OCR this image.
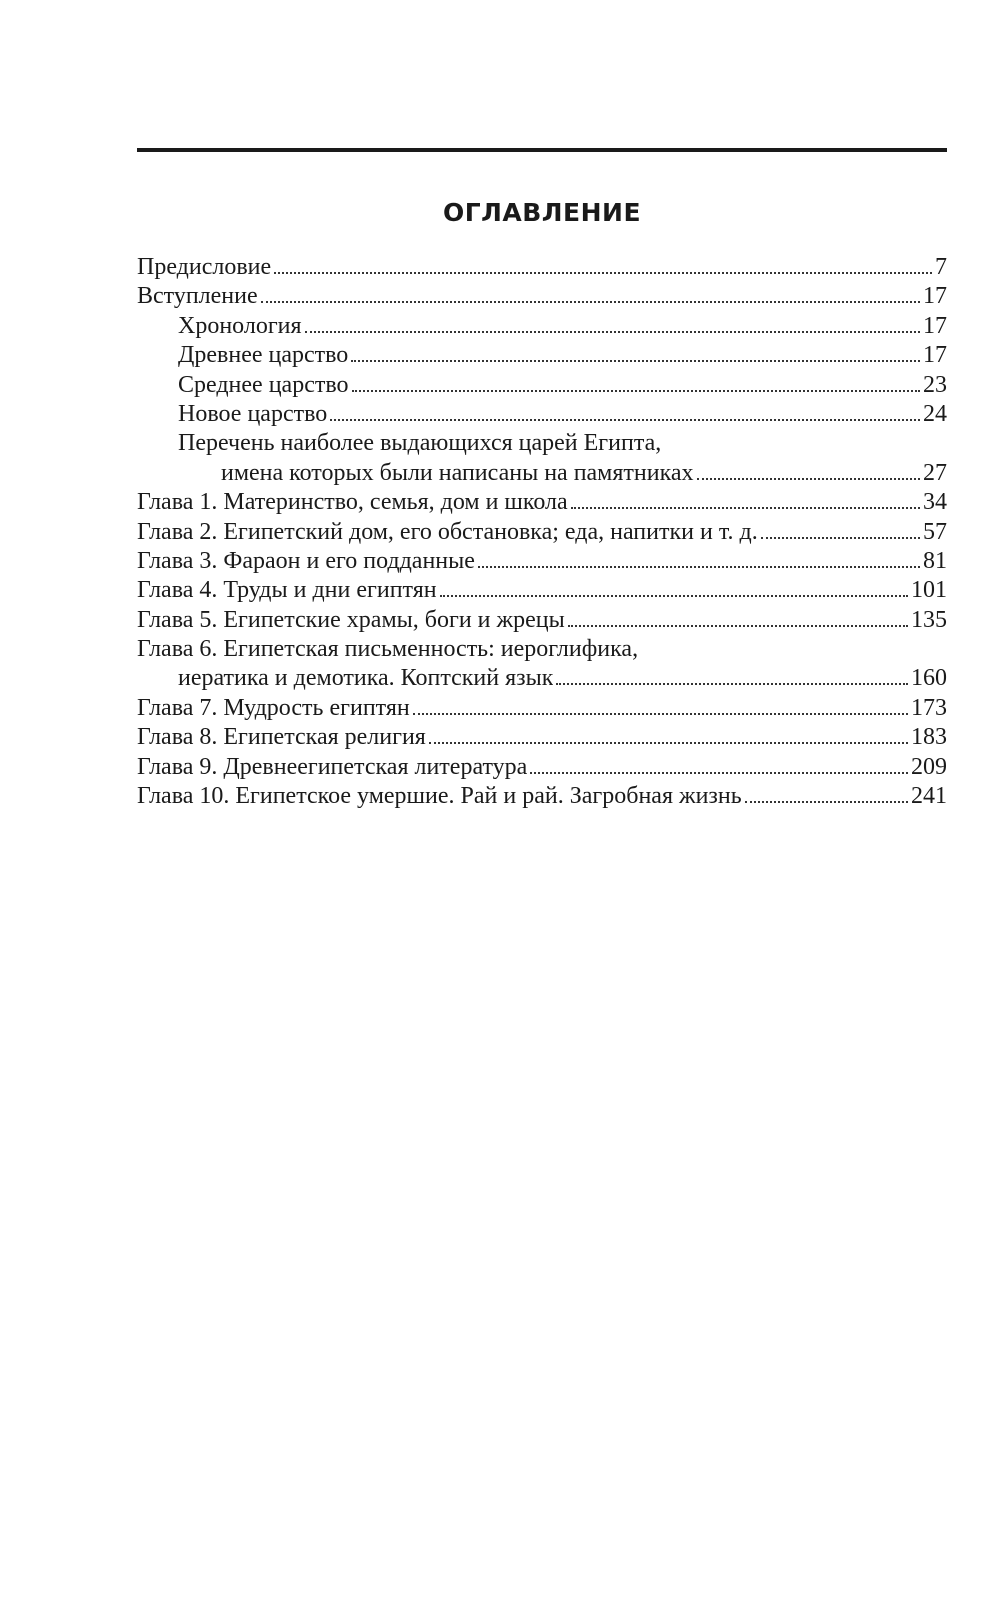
ОГЛАВЛЕНИЕ
Предисловие	7
Вступление	17
Хронология	17
Древнее царство	17
Среднее царство	23
Новое царство	24
Перечень наиболее выдающихся царей Египта,
имена которых были написаны на памятниках	27
Глава 1. Материнство, семья, дом и школа	34
Глава 2. Египетский дом, его обстановка; еда, напитки и т. д.	57
Глава 3. Фараон и его подданные	81
Глава 4. Труды и дни египтян	101
Глава 5. Египетские храмы, боги и жрецы	135
Глава 6. Египетская письменность: иероглифика,
иератика и демотика. Коптский язык	160
Глава 7. Мудрость египтян	173
Глава 8. Египетская религия	183
Глава 9. Древнеегипетская литература	209
Глава 10. Египетское умершие. Рай и рай. Загробная жизнь	241
